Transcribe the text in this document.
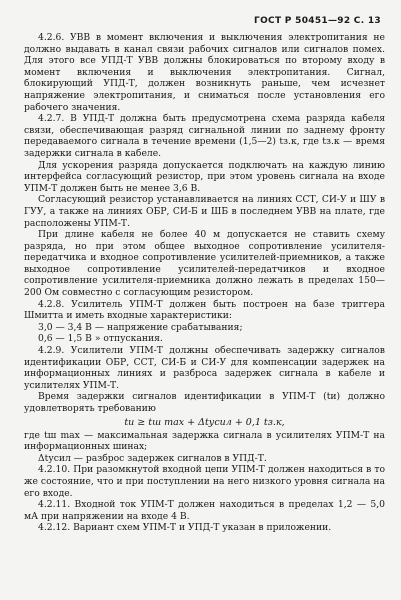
ГОСТ Р 50451—92 С. 13

4.2.6. УВВ в момент включения и выключения электропитания не должно выдавать в канал связи рабочих сигналов или сигналов помех. Для этого все УПД-Т УВВ должны блокироваться по второму входу в момент включения и выключения электропитания. Сигнал, блокирующий УПД-Т, должен возникнуть раньше, чем исчезнет напряжение электропитания, и сниматься после установления его рабочего значения.

4.2.7. В УПД-Т должна быть предусмотрена схема разряда кабеля связи, обеспечивающая разряд сигнальной линии по заднему фронту передаваемого сигнала в течение времени (1,5—2) tз.к, где tз.к — время задержки сигнала в кабеле.

Для ускорения разряда допускается подключать на каждую линию интерфейса согласующий резистор, при этом уровень сигнала на входе УПМ-Т должен быть не менее 3,6 В.

Согласующий резистор устанавливается на линиях ССТ, СИ-У и ШУ в ГУУ, а также на линиях ОБР, СИ-Б и ШБ в последнем УВВ на плате, где расположены УПМ-Т.

При длине кабеля не более 40 м допускается не ставить схему разряда, но при этом общее выходное сопротивление усилителя-передатчика и входное сопротивление усилителей-приемников, а также выходное сопротивление усилителей-передатчиков и входное сопротивление усилителя-приемника должно лежать в пределах 150—200 Ом совместно с согласующим резистором.

4.2.8. Усилитель УПМ-Т должен быть построен на базе триггера Шмитта и иметь входные характеристики:

3,0 — 3,4 В — напряжение срабатывания;

0,6 — 1,5 В » отпускания.

4.2.9. Усилители УПМ-Т должны обеспечивать задержку сигналов идентификации ОБР, ССТ, СИ-Б и СИ-У для компенсации задержек на информационных линиях и разброса задержек сигнала в кабеле и усилителях УПМ-Т.

Время задержки сигналов идентификации в УПМ-Т (tи) должно удовлетворять требованию

tи ≥ tш max + Δtусил + 0,1 tз.к,

где tш max — максимальная задержка сигнала в усилителях УПМ-Т на информационных шинах;

Δtусил — разброс задержек сигналов в УПД-Т.

4.2.10. При разомкнутой входной цепи УПМ-Т должен находиться в то же состояние, что и при поступлении на него низкого уровня сигнала на его входе.

4.2.11. Входной ток УПМ-Т должен находиться в пределах 1,2 — 5,0 мА при напряжении на входе 4 В.

4.2.12. Вариант схем УПМ-Т и УПД-Т указан в приложении.
